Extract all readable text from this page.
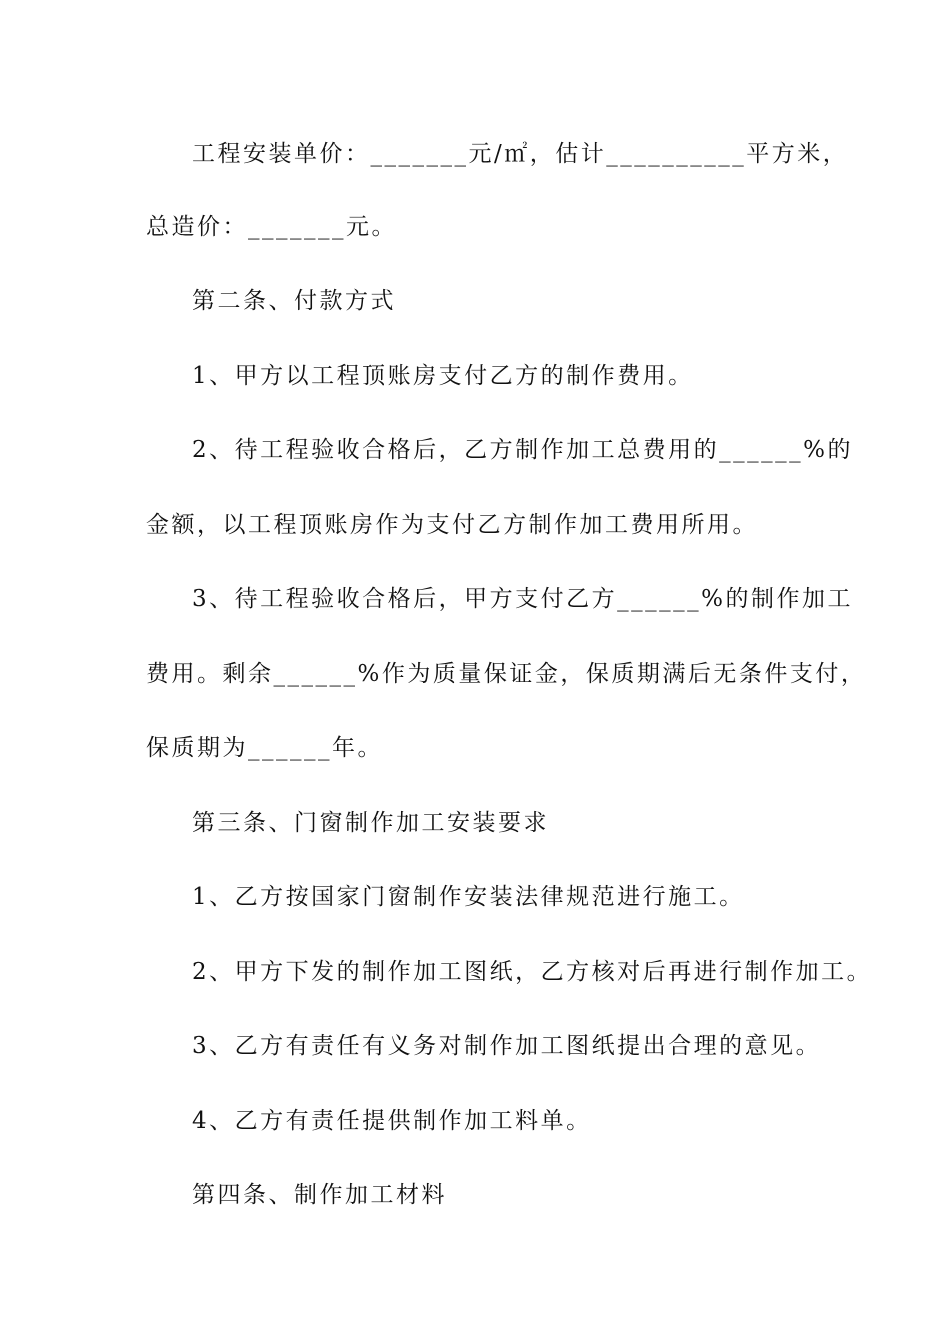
工程安装单价：_______元/㎡，估计__________平方米，
总造价：_______元。
第二条、付款方式
1、甲方以工程顶账房支付乙方的制作费用。
2、待工程验收合格后，乙方制作加工总费用的______%的
金额，以工程顶账房作为支付乙方制作加工费用所用。
3、待工程验收合格后，甲方支付乙方______%的制作加工
费用。剩余______%作为质量保证金，保质期满后无条件支付，
保质期为______年。
第三条、门窗制作加工安装要求
1、乙方按国家门窗制作安装法律规范进行施工。
2、甲方下发的制作加工图纸，乙方核对后再进行制作加工。
3、乙方有责任有义务对制作加工图纸提出合理的意见。
4、乙方有责任提供制作加工料单。
第四条、制作加工材料
